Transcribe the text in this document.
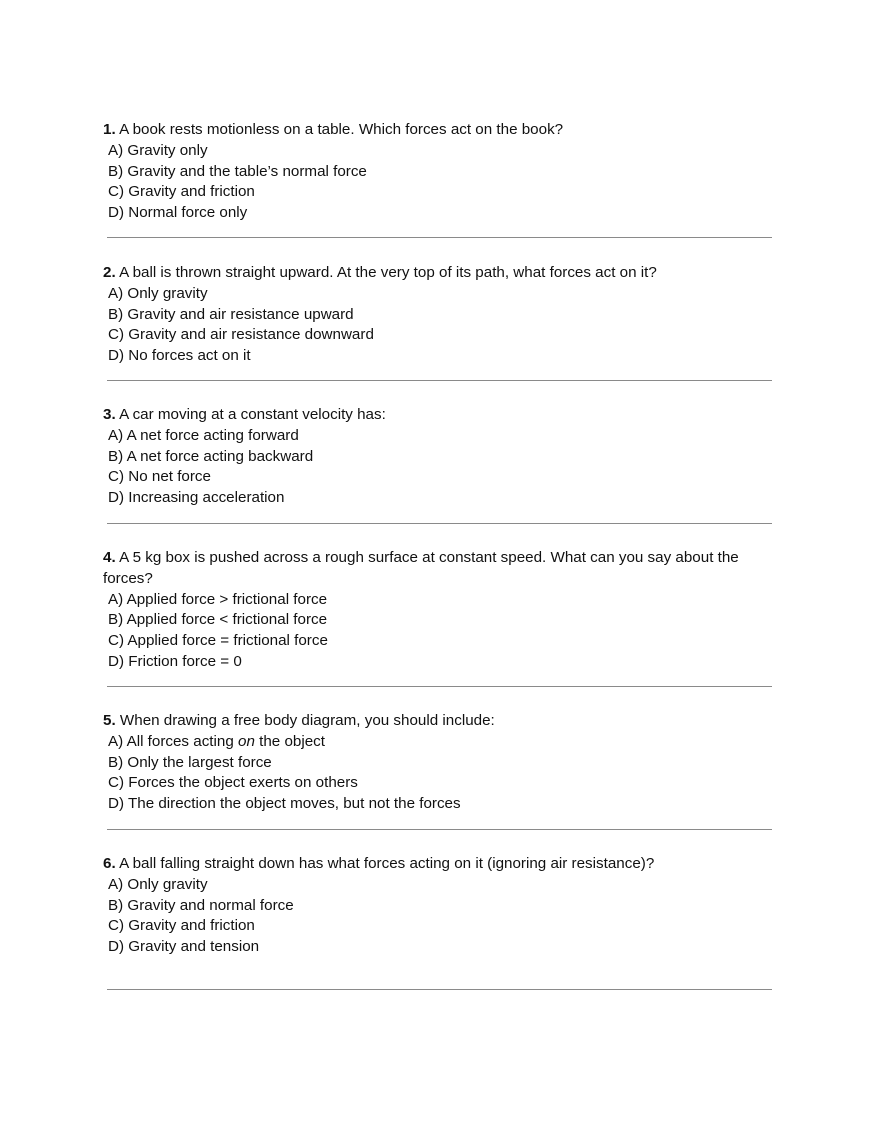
1. A book rests motionless on a table. Which forces act on the book?

A) Gravity only
B) Gravity and the table’s normal force
C) Gravity and friction
D) Normal force only

2. A ball is thrown straight upward. At the very top of its path, what forces act on it?

A) Only gravity
B) Gravity and air resistance upward
C) Gravity and air resistance downward
D) No forces act on it

3. A car moving at a constant velocity has:

A) A net force acting forward
B) A net force acting backward
C) No net force
D) Increasing acceleration

4. A 5 kg box is pushed across a rough surface at constant speed. What can you say about the forces?

A) Applied force > frictional force
B) Applied force < frictional force
C) Applied force = frictional force
D) Friction force = 0

5. When drawing a free body diagram, you should include:

A) All forces acting on the object
B) Only the largest force
C) Forces the object exerts on others
D) The direction the object moves, but not the forces

6. A ball falling straight down has what forces acting on it (ignoring air resistance)?

A) Only gravity
B) Gravity and normal force
C) Gravity and friction
D) Gravity and tension
